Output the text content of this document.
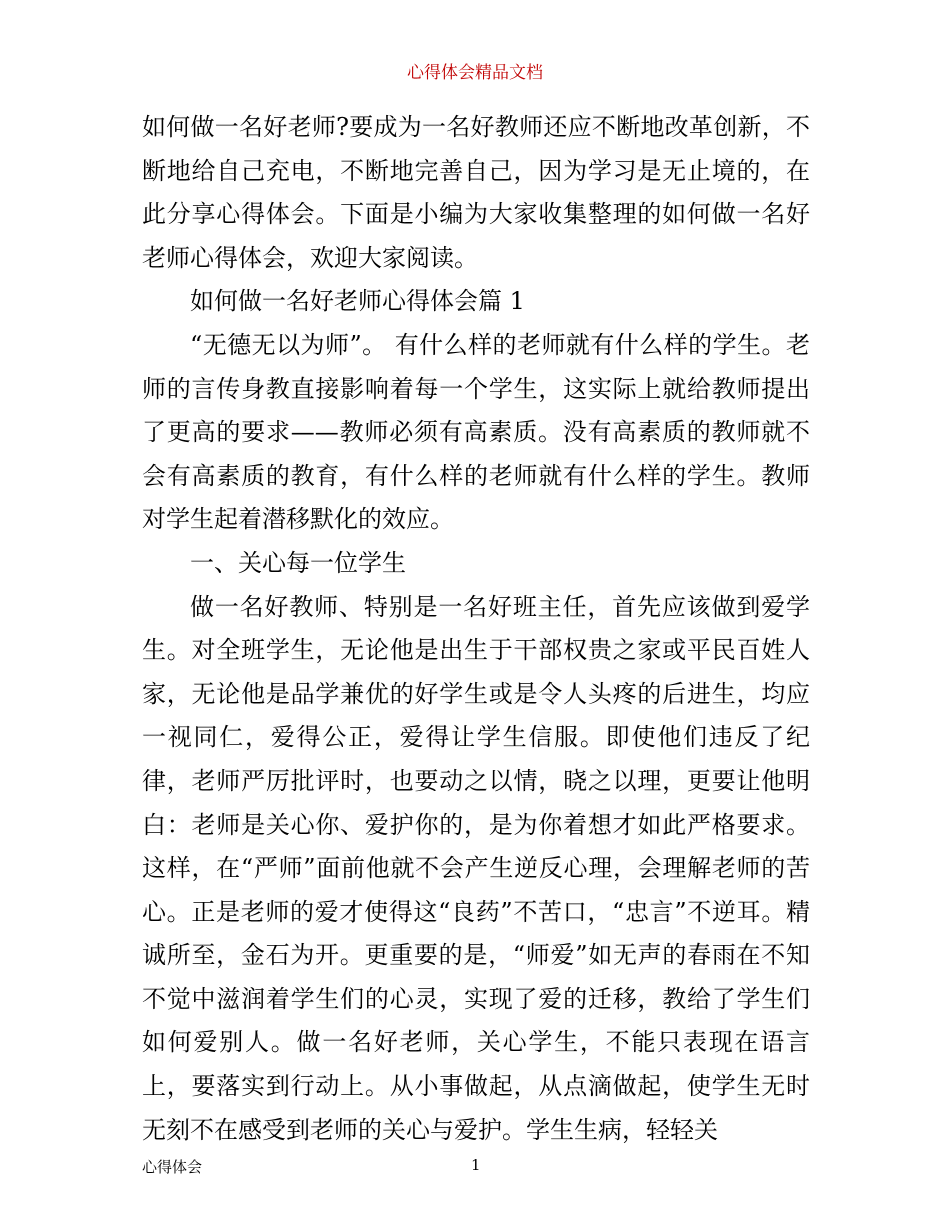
心得体会精品文档

如何做一名好老师?要成为一名好教师还应不断地改革创新，不断地给自己充电，不断地完善自己，因为学习是无止境的，在此分享心得体会。下面是小编为大家收集整理的如何做一名好老师心得体会，欢迎大家阅读。

如何做一名好老师心得体会篇 1

“无德无以为师”。 有什么样的老师就有什么样的学生。老师的言传身教直接影响着每一个学生，这实际上就给教师提出了更高的要求——教师必须有高素质。没有高素质的教师就不会有高素质的教育，有什么样的老师就有什么样的学生。教师对学生起着潜移默化的效应。

一、关心每一位学生

做一名好教师、特别是一名好班主任，首先应该做到爱学生。对全班学生，无论他是出生于干部权贵之家或平民百姓人家，无论他是品学兼优的好学生或是令人头疼的后进生，均应一视同仁，爱得公正，爱得让学生信服。即使他们违反了纪律，老师严厉批评时，也要动之以情，晓之以理，更要让他明白：老师是关心你、爱护你的，是为你着想才如此严格要求。这样，在“严师”面前他就不会产生逆反心理，会理解老师的苦心。正是老师的爱才使得这“良药”不苦口，“忠言”不逆耳。精诚所至，金石为开。更重要的是，“师爱”如无声的春雨在不知不觉中滋润着学生们的心灵，实现了爱的迁移，教给了学生们如何爱别人。做一名好老师，关心学生，不能只表现在语言上，要落实到行动上。从小事做起，从点滴做起，使学生无时无刻不在感受到老师的关心与爱护。学生生病，轻轻关

心得体会	1
